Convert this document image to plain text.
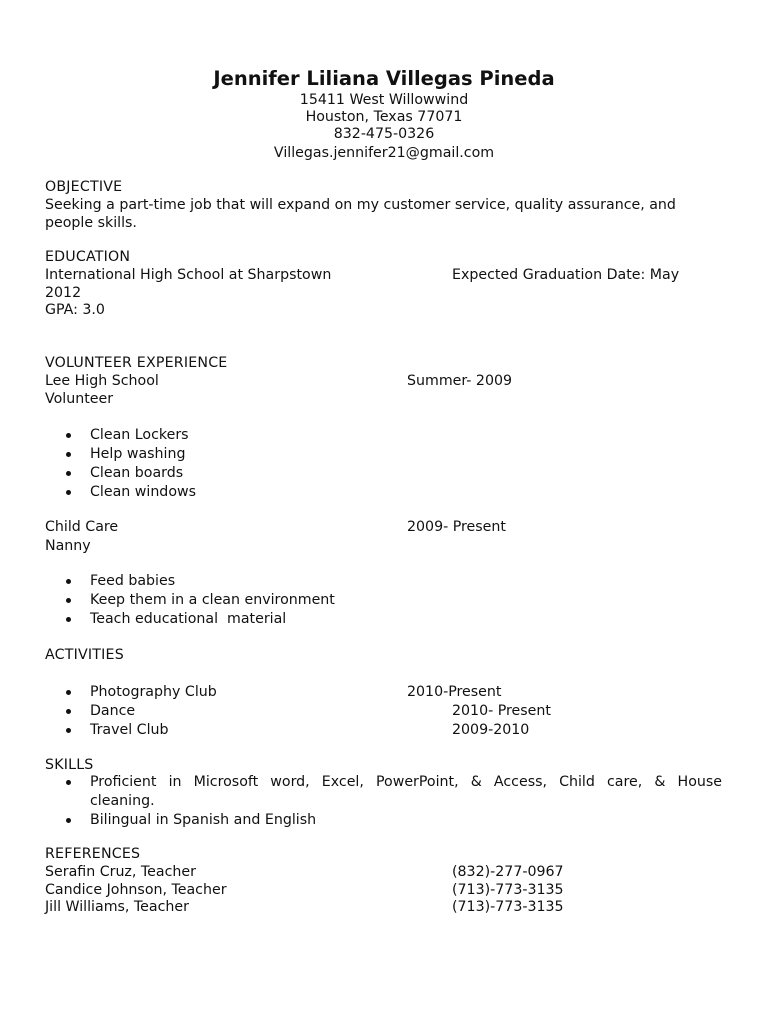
Jennifer Liliana Villegas Pineda
15411 West Willowwind
Houston, Texas 77071
832-475-0326
Villegas.jennifer21@gmail.com
OBJECTIVE
Seeking a part-time job that will expand on my customer service, quality assurance, and
people skills.
EDUCATION
International High School at Sharpstown	Expected Graduation Date: May
2012
GPA: 3.0
VOLUNTEER EXPERIENCE
Lee High School	Summer- 2009
Volunteer
Clean Lockers
Help washing
Clean boards
Clean windows
Child Care	2009- Present
Nanny
Feed babies
Keep them in a clean environment
Teach educational  material
ACTIVITIES
Photography Club	2010-Present
Dance	2010- Present
Travel Club	2009-2010
SKILLS
Proficient in Microsoft word, Excel, PowerPoint, & Access, Child care, & House
cleaning.
Bilingual in Spanish and English
REFERENCES
Serafin Cruz, Teacher	(832)-277-0967
Candice Johnson, Teacher	(713)-773-3135
Jill Williams, Teacher	(713)-773-3135
